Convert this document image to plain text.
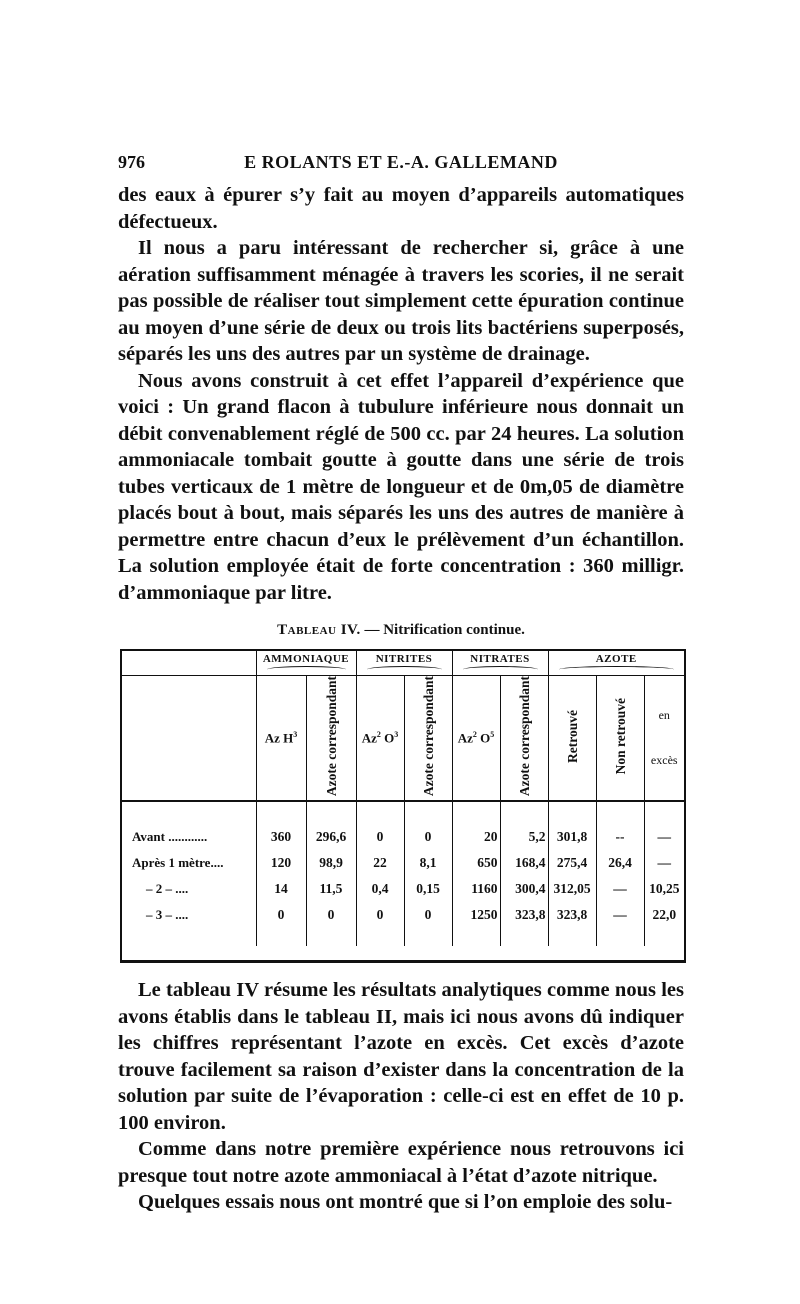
976	E ROLANTS ET E.-A. GALLEMAND

des eaux à épurer s’y fait au moyen d’appareils automatiques défectueux.

Il nous a paru intéressant de rechercher si, grâce à une aération suffisamment ménagée à travers les scories, il ne serait pas possible de réaliser tout simplement cette épuration continue au moyen d’une série de deux ou trois lits bactériens superposés, séparés les uns des autres par un système de drainage.

Nous avons construit à cet effet l’appareil d’expérience que voici : Un grand flacon à tubulure inférieure nous donnait un débit convenablement réglé de 500 cc. par 24 heures. La solution ammoniacale tombait goutte à goutte dans une série de trois tubes verticaux de 1 mètre de longueur et de 0m,05 de diamètre placés bout à bout, mais séparés les uns des autres de manière à permettre entre chacun d’eux le prélèvement d’un échantillon. La solution employée était de forte concentration : 360 milligr. d’ammoniaque par litre.

Tableau IV. — Nitrification continue.
	AMMONIAQUE		NITRITES		NITRATES		AZOTE		

	Az $H^3$	Azote correspondant	Az$^2$ $O^3$	Azote correspondant	Az$^2$ $O^5$	Azote correspondant	Retrouvé	Non retrouvé	en

excès

Avant ............	360	296,6	0	0	20	5,2	301,8	--	—
Après 1 mètre....	120	98,9	22	8,1	650	168,4	275,4	26,4	—
– 2 – ....	14	11,5	0,4	0,15	1160	300,4	312,05	—	10,25
– 3 – ....	0	0	0	0	1250	323,8	323,8	—	22,0

Le tableau IV résume les résultats analytiques comme nous les avons établis dans le tableau II, mais ici nous avons dû indiquer les chiffres représentant l’azote en excès. Cet excès d’azote trouve facilement sa raison d’exister dans la concentration de la solution par suite de l’évaporation : celle-ci est en effet de 10 p. 100 environ.

Comme dans notre première expérience nous retrouvons ici presque tout notre azote ammoniacal à l’état d’azote nitrique.

Quelques essais nous ont montré que si l’on emploie des solu-
